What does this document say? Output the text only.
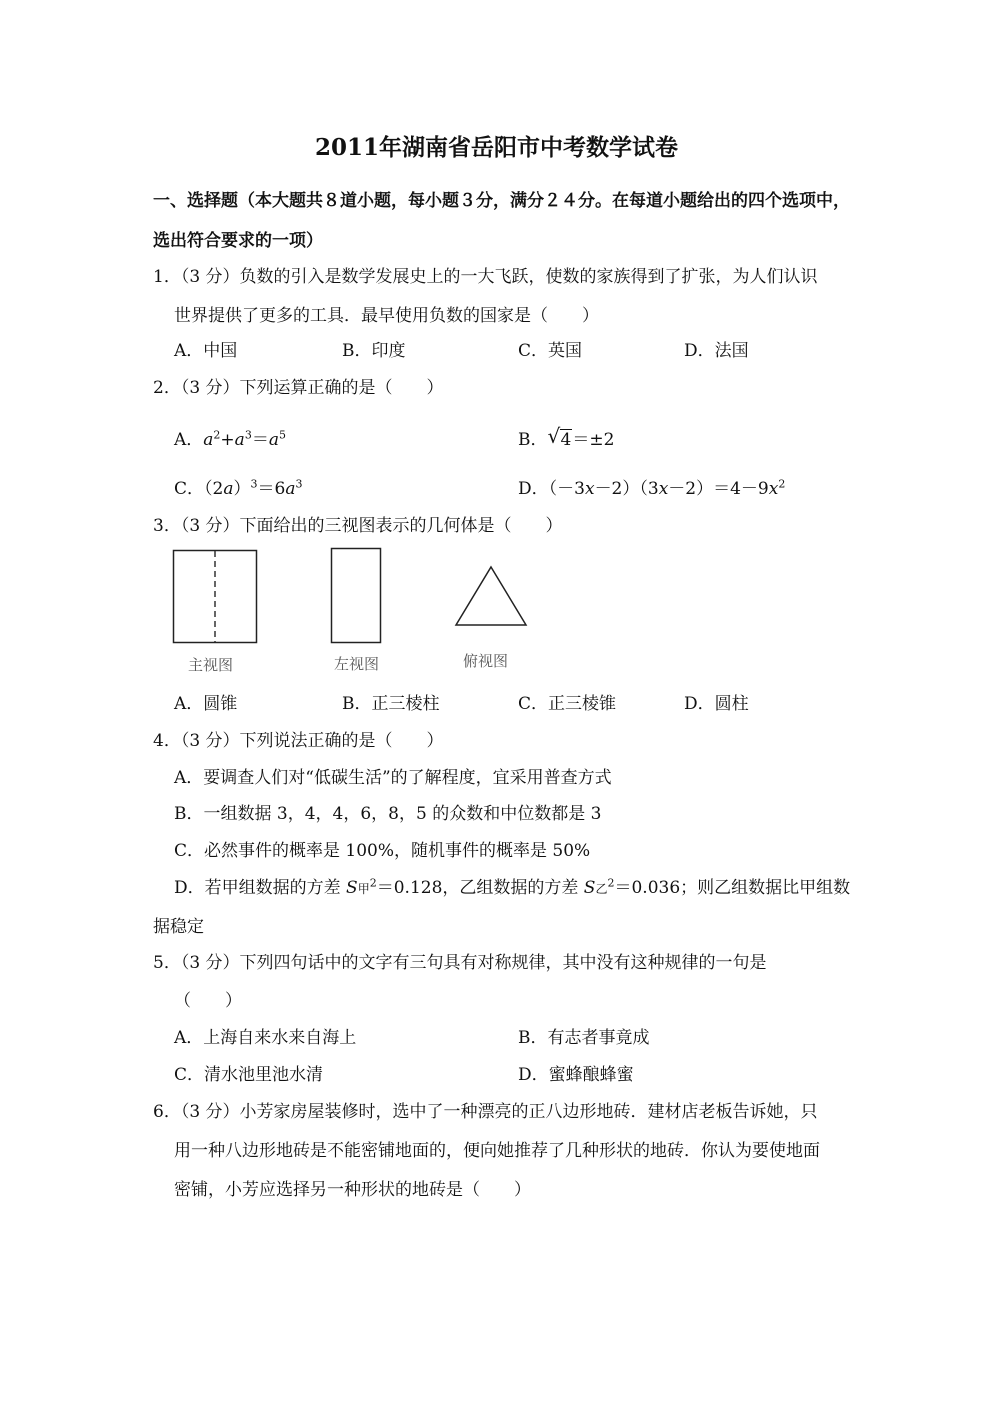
2011年湖南省岳阳市中考数学试卷
一、选择题（本大题共８道小题，每小题３分，满分２４分。在每道小题给出的四个选项中，
选出符合要求的一项）
1．（3 分）负数的引入是数学发展史上的一大飞跃，使数的家族得到了扩张，为人们认识
世界提供了更多的工具．最早使用负数的国家是（　　）
A．中国	B．印度	C．英国	D．法国
2．（3 分）下列运算正确的是（　　）
A．$a^2+a^3=a^5$	B． √ 4＝±2
C．$(2a)^3=6a^3$	D．$(-3x-2)(3x-2)=4-9x^2$
3．（3 分）下面给出的三视图表示的几何体是（　　）
主视图	左视图	俯视图
A．圆锥	B．正三棱柱	C．正三棱锥	D．圆柱
4．（3 分）下列说法正确的是（　　）
A．要调查人们对“低碳生活”的了解程度，宜采用普查方式
B．一组数据 3，4，4，6，8，5 的众数和中位数都是 3
C．必然事件的概率是 100%，随机事件的概率是 50%
D．若甲组数据的方差 S甲$^2$＝0.128，乙组数据的方差 S乙$^2$＝0.036；则乙组数据比甲组数
据稳定
5．（3 分）下列四句话中的文字有三句具有对称规律，其中没有这种规律的一句是
（　　）
A．上海自来水来自海上	B．有志者事竟成
C．清水池里池水清	D．蜜蜂酿蜂蜜
6．（3 分）小芳家房屋装修时，选中了一种漂亮的正八边形地砖．建材店老板告诉她，只
用一种八边形地砖是不能密铺地面的，便向她推荐了几种形状的地砖．你认为要使地面
密铺，小芳应选择另一种形状的地砖是（　　）
